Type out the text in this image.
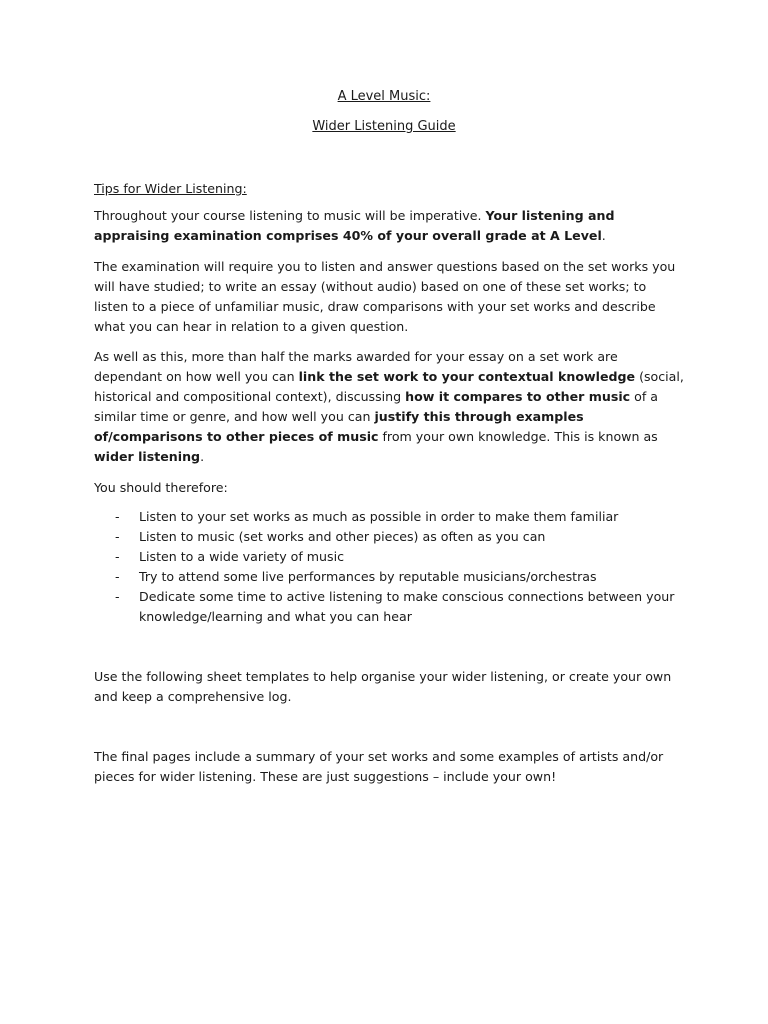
A Level Music:
Wider Listening Guide

Tips for Wider Listening:

Throughout your course listening to music will be imperative. Your listening and appraising examination comprises 40% of your overall grade at A Level.

The examination will require you to listen and answer questions based on the set works you will have studied; to write an essay (without audio) based on one of these set works; to listen to a piece of unfamiliar music, draw comparisons with your set works and describe what you can hear in relation to a given question.

As well as this, more than half the marks awarded for your essay on a set work are dependant on how well you can link the set work to your contextual knowledge (social, historical and compositional context), discussing how it compares to other music of a similar time or genre, and how well you can justify this through examples of/comparisons to other pieces of music from your own knowledge. This is known as wider listening.

You should therefore:

- Listen to your set works as much as possible in order to make them familiar
- Listen to music (set works and other pieces) as often as you can
- Listen to a wide variety of music
- Try to attend some live performances by reputable musicians/orchestras
- Dedicate some time to active listening to make conscious connections between your knowledge/learning and what you can hear

Use the following sheet templates to help organise your wider listening, or create your own and keep a comprehensive log.

The final pages include a summary of your set works and some examples of artists and/or pieces for wider listening. These are just suggestions – include your own!
